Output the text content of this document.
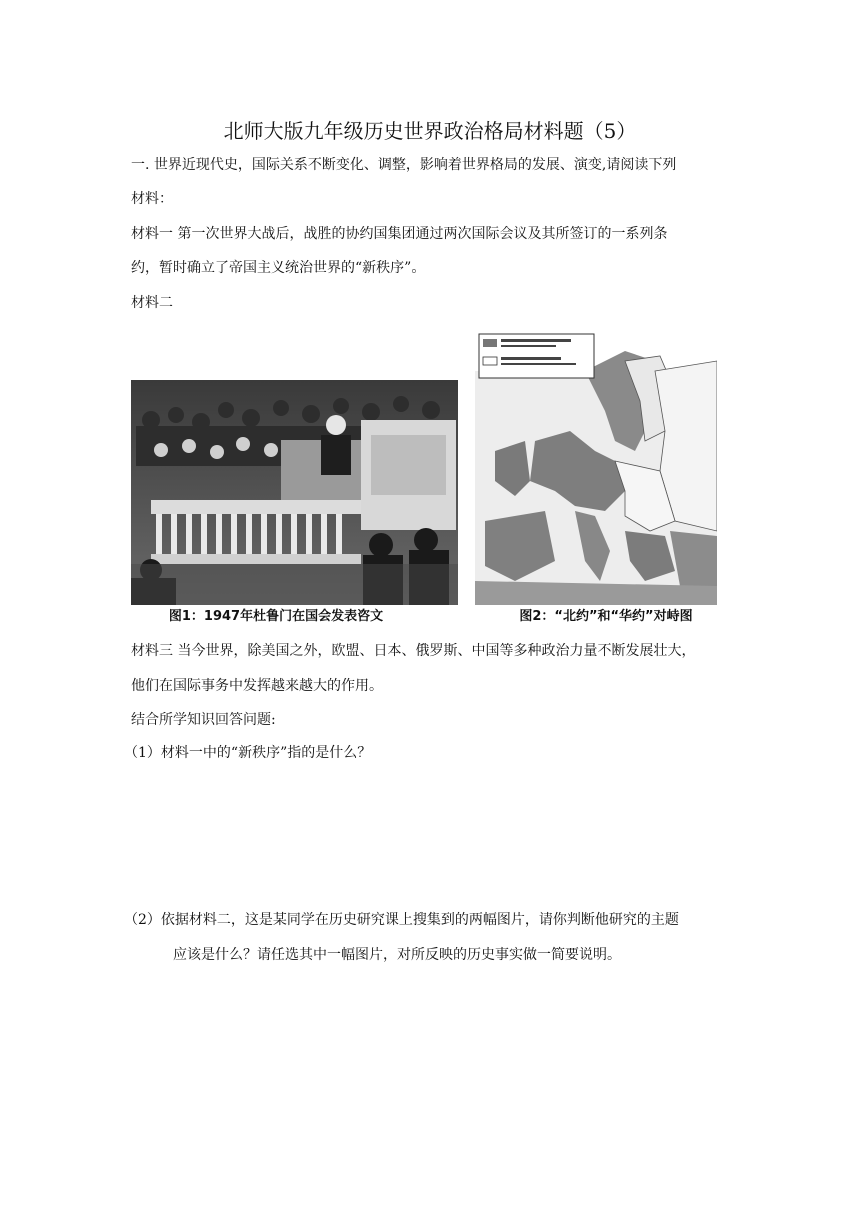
北师大版九年级历史世界政治格局材料题（5）
一. 世界近现代史，国际关系不断变化、调整，影响着世界格局的发展、演变,请阅读下列
材料：
材料一 第一次世界大战后，战胜的协约国集团通过两次国际会议及其所签订的一系列条
约，暂时确立了帝国主义统治世界的“新秩序”。
材料二
图1：1947年杜鲁门在国会发表咨文	图2：“北约”和“华约”对峙图
材料三 当今世界，除美国之外，欧盟、日本、俄罗斯、中国等多种政治力量不断发展壮大，
他们在国际事务中发挥越来越大的作用。
结合所学知识回答问题:
（1）材料一中的“新秩序”指的是什么？
（2）依据材料二，这是某同学在历史研究课上搜集到的两幅图片，请你判断他研究的主题
应该是什么？请任选其中一幅图片，对所反映的历史事实做一简要说明。
